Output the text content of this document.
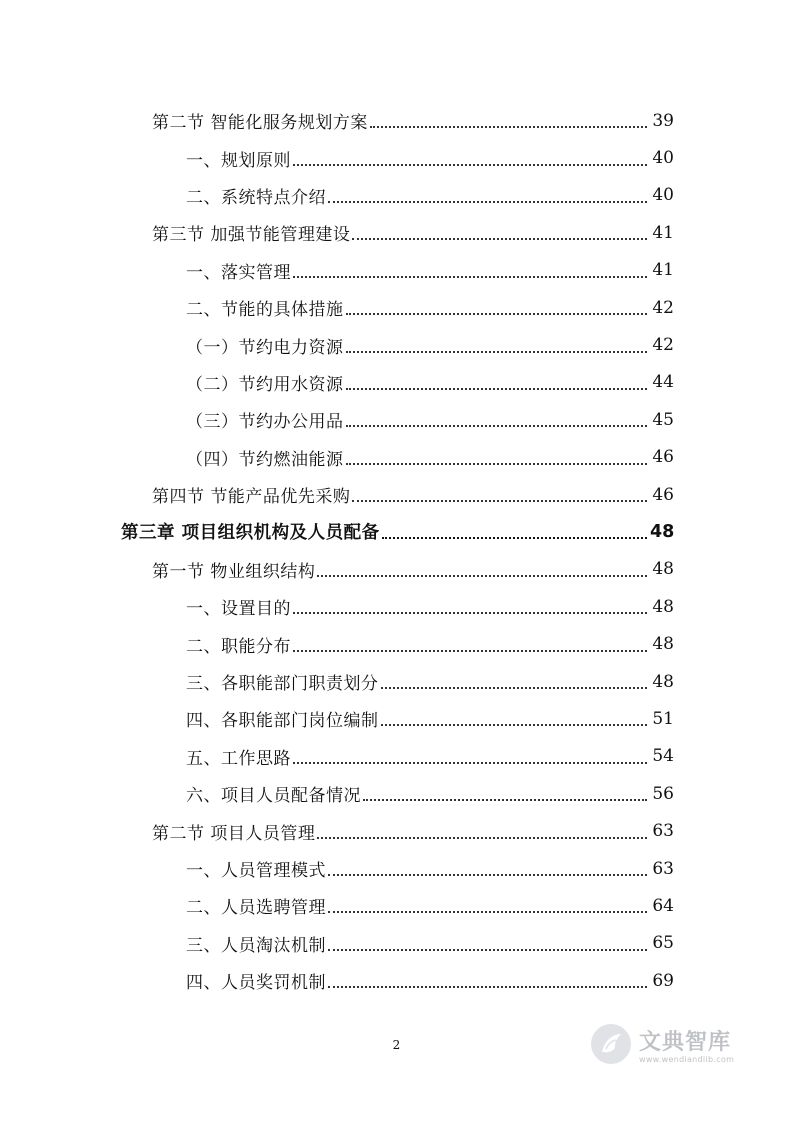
第二节 智能化服务规划方案	39
一、规划原则	40
二、系统特点介绍	40
第三节 加强节能管理建设	41
一、落实管理	41
二、节能的具体措施	42
（一）节约电力资源	42
（二）节约用水资源	44
（三）节约办公用品	45
（四）节约燃油能源	46
第四节 节能产品优先采购	46
第三章 项目组织机构及人员配备	48
第一节 物业组织结构	48
一、设置目的	48
二、职能分布	48
三、各职能部门职责划分	48
四、各职能部门岗位编制	51
五、工作思路	54
六、项目人员配备情况	56
第二节 项目人员管理	63
一、人员管理模式	63
二、人员选聘管理	64
三、人员淘汰机制	65
四、人员奖罚机制	69
2	文典智库
www.wendiandlib.com
